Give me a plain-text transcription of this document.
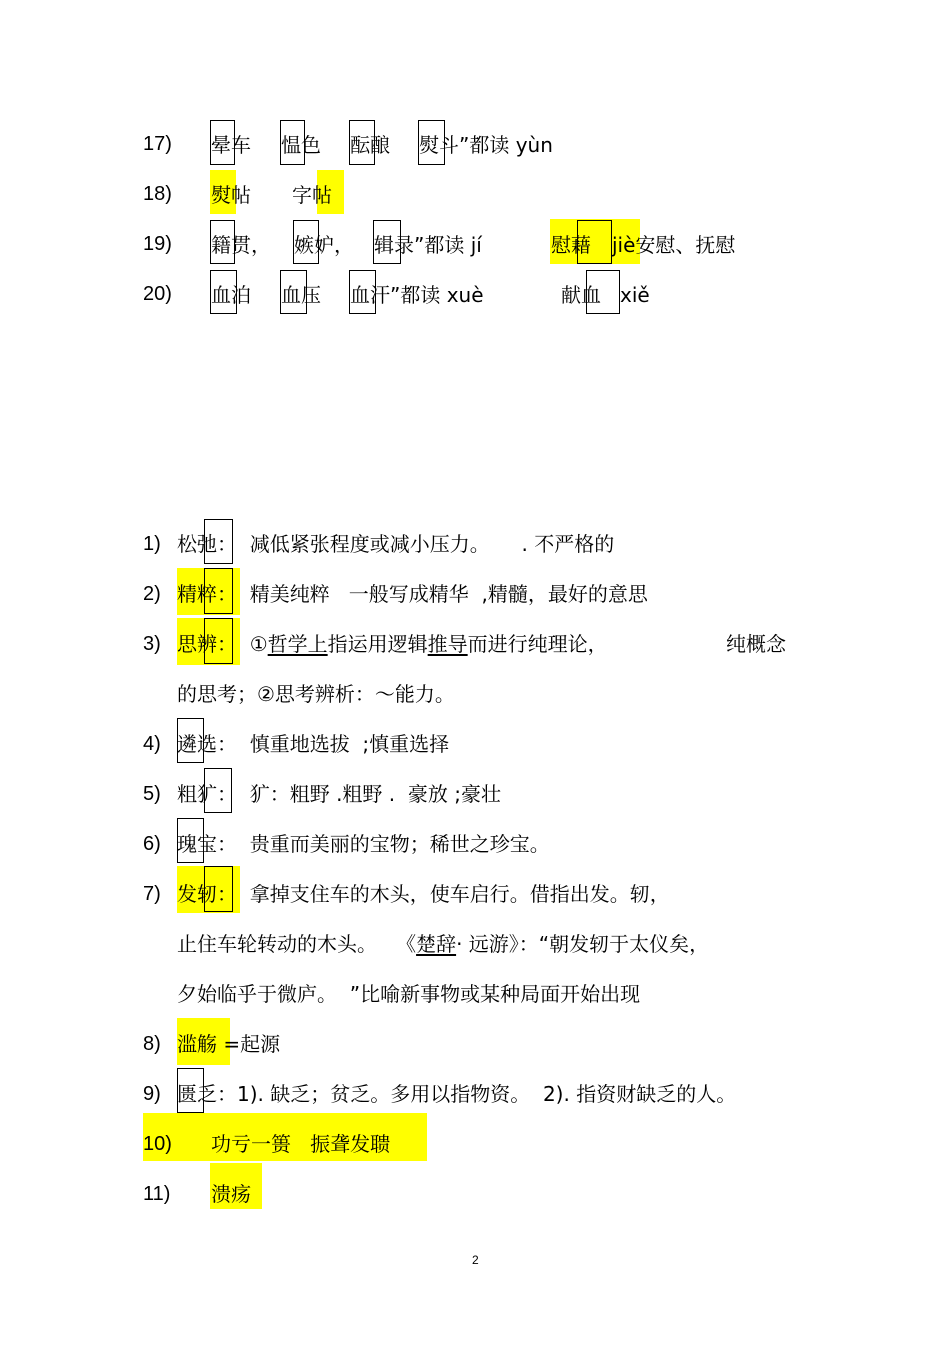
17) 晕车 愠色 酝酿 熨斗”都读 yùn
18) 熨帖 字帖
19) 籍贯， 嫉妒， 辑录”都读 jí	慰藉 jiè安慰、抚慰
20) 血泊 血压 血汗”都读 xuè	献血 xiě
1) 松弛：  减低紧张程度或减小压力。     . 不严格的
2) 精粹：  精美纯粹   一般写成精华  ,精髓，最好的意思
3) 思辨：  ①哲学上指运用逻辑推导而进行纯理论，	纯概念
的思考；②思考辨析：～能力。
4) 遴选：  慎重地选拔  ;慎重选择
5) 粗犷：  犷：粗野 .粗野 .  豪放 ;豪壮
6) 瑰宝：  贵重而美丽的宝物；稀世之珍宝。
7) 发轫：  拿掉支住车的木头，使车启行。借指出发。轫，
止住车轮转动的木头。   《楚辞· 远游》：“朝发轫于太仪矣，
夕始临乎于微庐。  ”比喻新事物或某种局面开始出现
8) 滥觞 =起源
9) 匮乏：1). 缺乏；贫乏。多用以指物资。  2). 指资财缺乏的人。
10) 功亏一篑   振聋发聩
11) 溃疡
2
